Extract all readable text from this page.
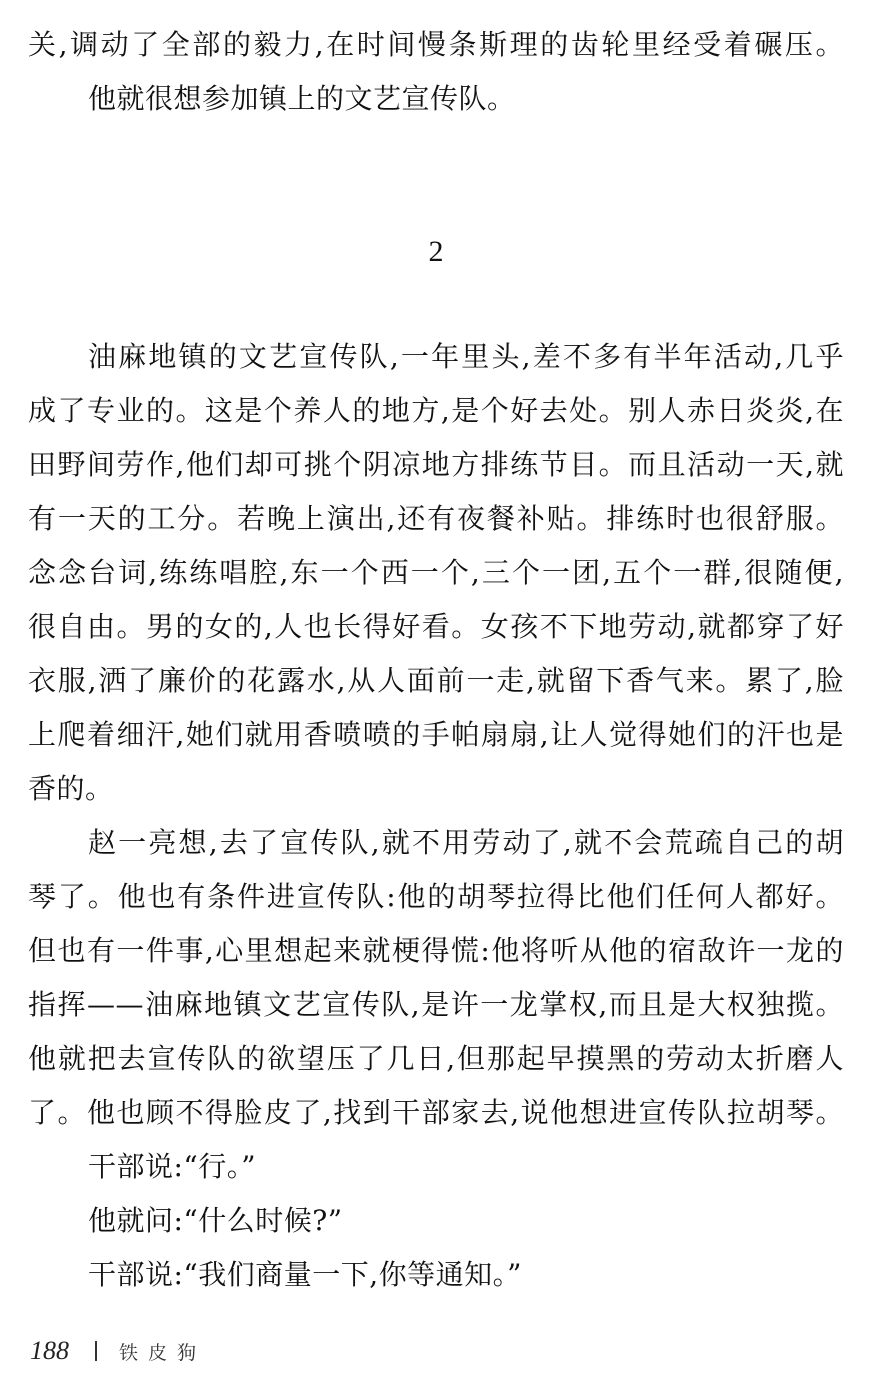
关,调动了全部的毅力,在时间慢条斯理的齿轮里经受着碾压。
他就很想参加镇上的文艺宣传队。
2
油麻地镇的文艺宣传队,一年里头,差不多有半年活动,几乎
成了专业的。这是个养人的地方,是个好去处。别人赤日炎炎,在
田野间劳作,他们却可挑个阴凉地方排练节目。而且活动一天,就
有一天的工分。若晚上演出,还有夜餐补贴。排练时也很舒服。
念念台词,练练唱腔,东一个西一个,三个一团,五个一群,很随便,
很自由。男的女的,人也长得好看。女孩不下地劳动,就都穿了好
衣服,洒了廉价的花露水,从人面前一走,就留下香气来。累了,脸
上爬着细汗,她们就用香喷喷的手帕扇扇,让人觉得她们的汗也是
香的。
赵一亮想,去了宣传队,就不用劳动了,就不会荒疏自己的胡
琴了。他也有条件进宣传队:他的胡琴拉得比他们任何人都好。
但也有一件事,心里想起来就梗得慌:他将听从他的宿敌许一龙的
指挥——油麻地镇文艺宣传队,是许一龙掌权,而且是大权独揽。
他就把去宣传队的欲望压了几日,但那起早摸黑的劳动太折磨人
了。他也顾不得脸皮了,找到干部家去,说他想进宣传队拉胡琴。
干部说:“行。”
他就问:“什么时候?”
干部说:“我们商量一下,你等通知。”
188	铁皮狗
